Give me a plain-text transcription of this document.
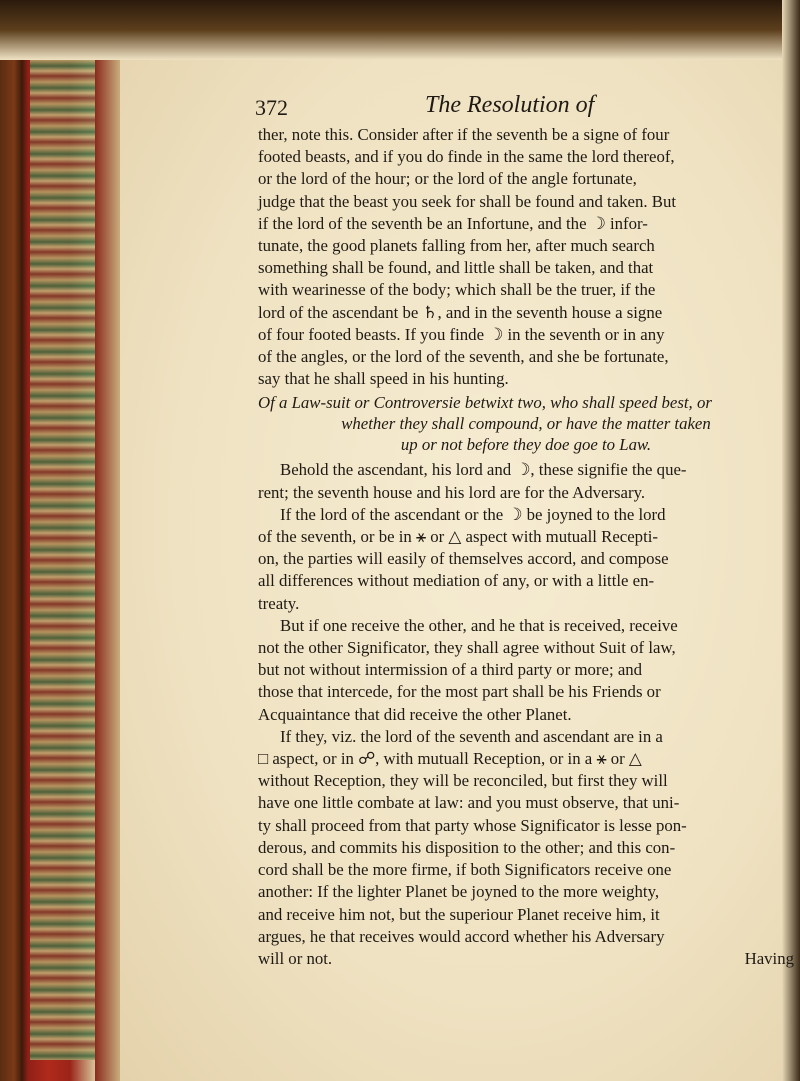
372	The Resolution of
ther, note this. Consider after if the seventh be a signe of four
footed beasts, and if you do finde in the same the lord thereof,
or the lord of the hour; or the lord of the angle fortunate,
judge that the beast you seek for shall be found and taken. But
if the lord of the seventh be an Infortune, and the ☽ infor-
tunate, the good planets falling from her, after much search
something shall be found, and little shall be taken, and that
with wearinesse of the body; which shall be the truer, if the
lord of the ascendant be ♄, and in the seventh house a signe
of four footed beasts. If you finde ☽ in the seventh or in any
of the angles, or the lord of the seventh, and she be fortunate,
say that he shall speed in his hunting.
Of a Law-suit or Controversie betwixt two, who shall speed best, or
whether they shall compound, or have the matter taken
up or not before they doe goe to Law.
Behold the ascendant, his lord and ☽, these signifie the que-
rent; the seventh house and his lord are for the Adversary.
If the lord of the ascendant or the ☽ be joyned to the lord
of the seventh, or be in ⚹ or △ aspect with mutuall Recepti-
on, the parties will easily of themselves accord, and compose
all differences without mediation of any, or with a little en-
treaty.
But if one receive the other, and he that is received, receive
not the other Significator, they shall agree without Suit of law,
but not without intermission of a third party or more; and
those that intercede, for the most part shall be his Friends or
Acquaintance that did receive the other Planet.
If they, viz. the lord of the seventh and ascendant are in a
□ aspect, or in ☍, with mutuall Reception, or in a ⚹ or △
without Reception, they will be reconciled, but first they will
have one little combate at law: and you must observe, that uni-
ty shall proceed from that party whose Significator is lesse pon-
derous, and commits his disposition to the other; and this con-
cord shall be the more firme, if both Significators receive one
another: If the lighter Planet be joyned to the more weighty,
and receive him not, but the superiour Planet receive him, it
argues, he that receives would accord whether his Adversary
will or not.	Having
